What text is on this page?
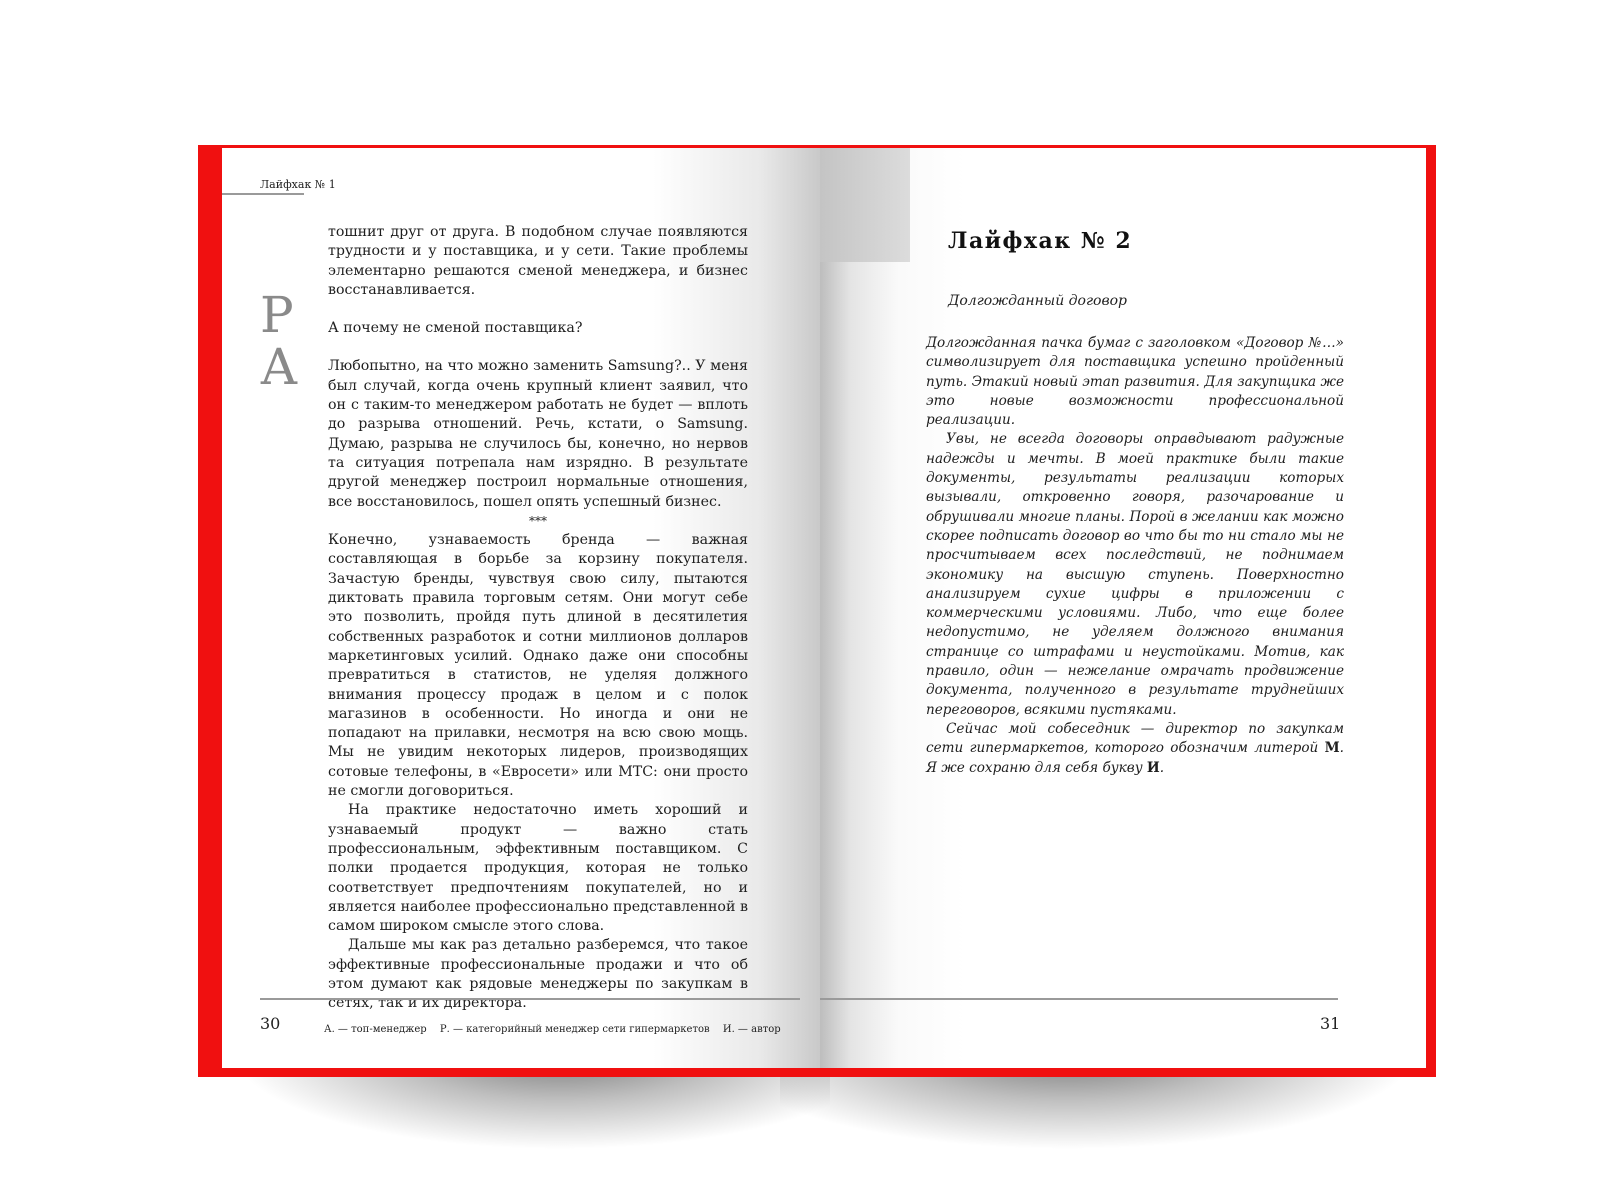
Лайфхак № 1
Р
А

тошнит друг от друга. В подобном случае появляются трудности и у поставщика, и у сети. Такие проблемы элементарно решаются сменой менеджера, и бизнес восстанавливается.

А почему не сменой поставщика?

Любопытно, на что можно заменить Samsung?.. У меня был случай, когда очень крупный клиент заявил, что он с таким-то менеджером работать не будет — вплоть до разрыва отношений. Речь, кстати, о Samsung. Думаю, разрыва не случилось бы, конечно, но нервов та ситуация потрепала нам изрядно. В результате другой менеджер построил нормальные отношения, все восстановилось, пошел опять успешный бизнес.

***

Конечно, узнаваемость бренда — важная составляющая в борьбе за корзину покупателя. Зачастую бренды, чувствуя свою силу, пытаются диктовать правила торговым сетям. Они могут себе это позволить, пройдя путь длиной в десятилетия собственных разработок и сотни миллионов долларов маркетинговых усилий. Однако даже они способны превратиться в статистов, не уделяя должного внимания процессу продаж в целом и с полок магазинов в особенности. Но иногда и они не попадают на прилавки, несмотря на всю свою мощь. Мы не увидим некоторых лидеров, производящих сотовые телефоны, в «Евросети» или МТС: они просто не смогли договориться.

На практике недостаточно иметь хороший и узнаваемый продукт — важно стать профессиональным, эффективным поставщиком. С полки продается продукция, которая не только соответствует предпочтениям покупателей, но и является наиболее профессионально представленной в самом широком смысле этого слова.

Дальше мы как раз детально разберемся, что такое эффективные профессиональные продажи и что об этом думают как рядовые менеджеры по закупкам в сетях, так и их директора.

30	А. — топ-менеджер Р. — категорийный менеджер сети гипермаркетов И. — автор
Лайфхак № 2
Долгожданный договор

Долгожданная пачка бумаг с заголовком «Договор №…» символизирует для поставщика успешно пройденный путь. Этакий новый этап развития. Для закупщика же это новые возможности профессиональной реализации.

Увы, не всегда договоры оправдывают радужные надежды и мечты. В моей практике были такие документы, результаты реализации которых вызывали, откровенно говоря, разочарование и обрушивали многие планы. Порой в желании как можно скорее подписать договор во что бы то ни стало мы не просчитываем всех последствий, не поднимаем экономику на высшую ступень. Поверхностно анализируем сухие цифры в приложении с коммерческими условиями. Либо, что еще более недопустимо, не уделяем должного внимания странице со штрафами и неустойками. Мотив, как правило, один — нежелание омрачать продвижение документа, полученного в результате труднейших переговоров, всякими пустяками.

Сейчас мой собеседник — директор по закупкам сети гипермаркетов, которого обозначим литерой М. Я же сохраню для себя букву И.

31
